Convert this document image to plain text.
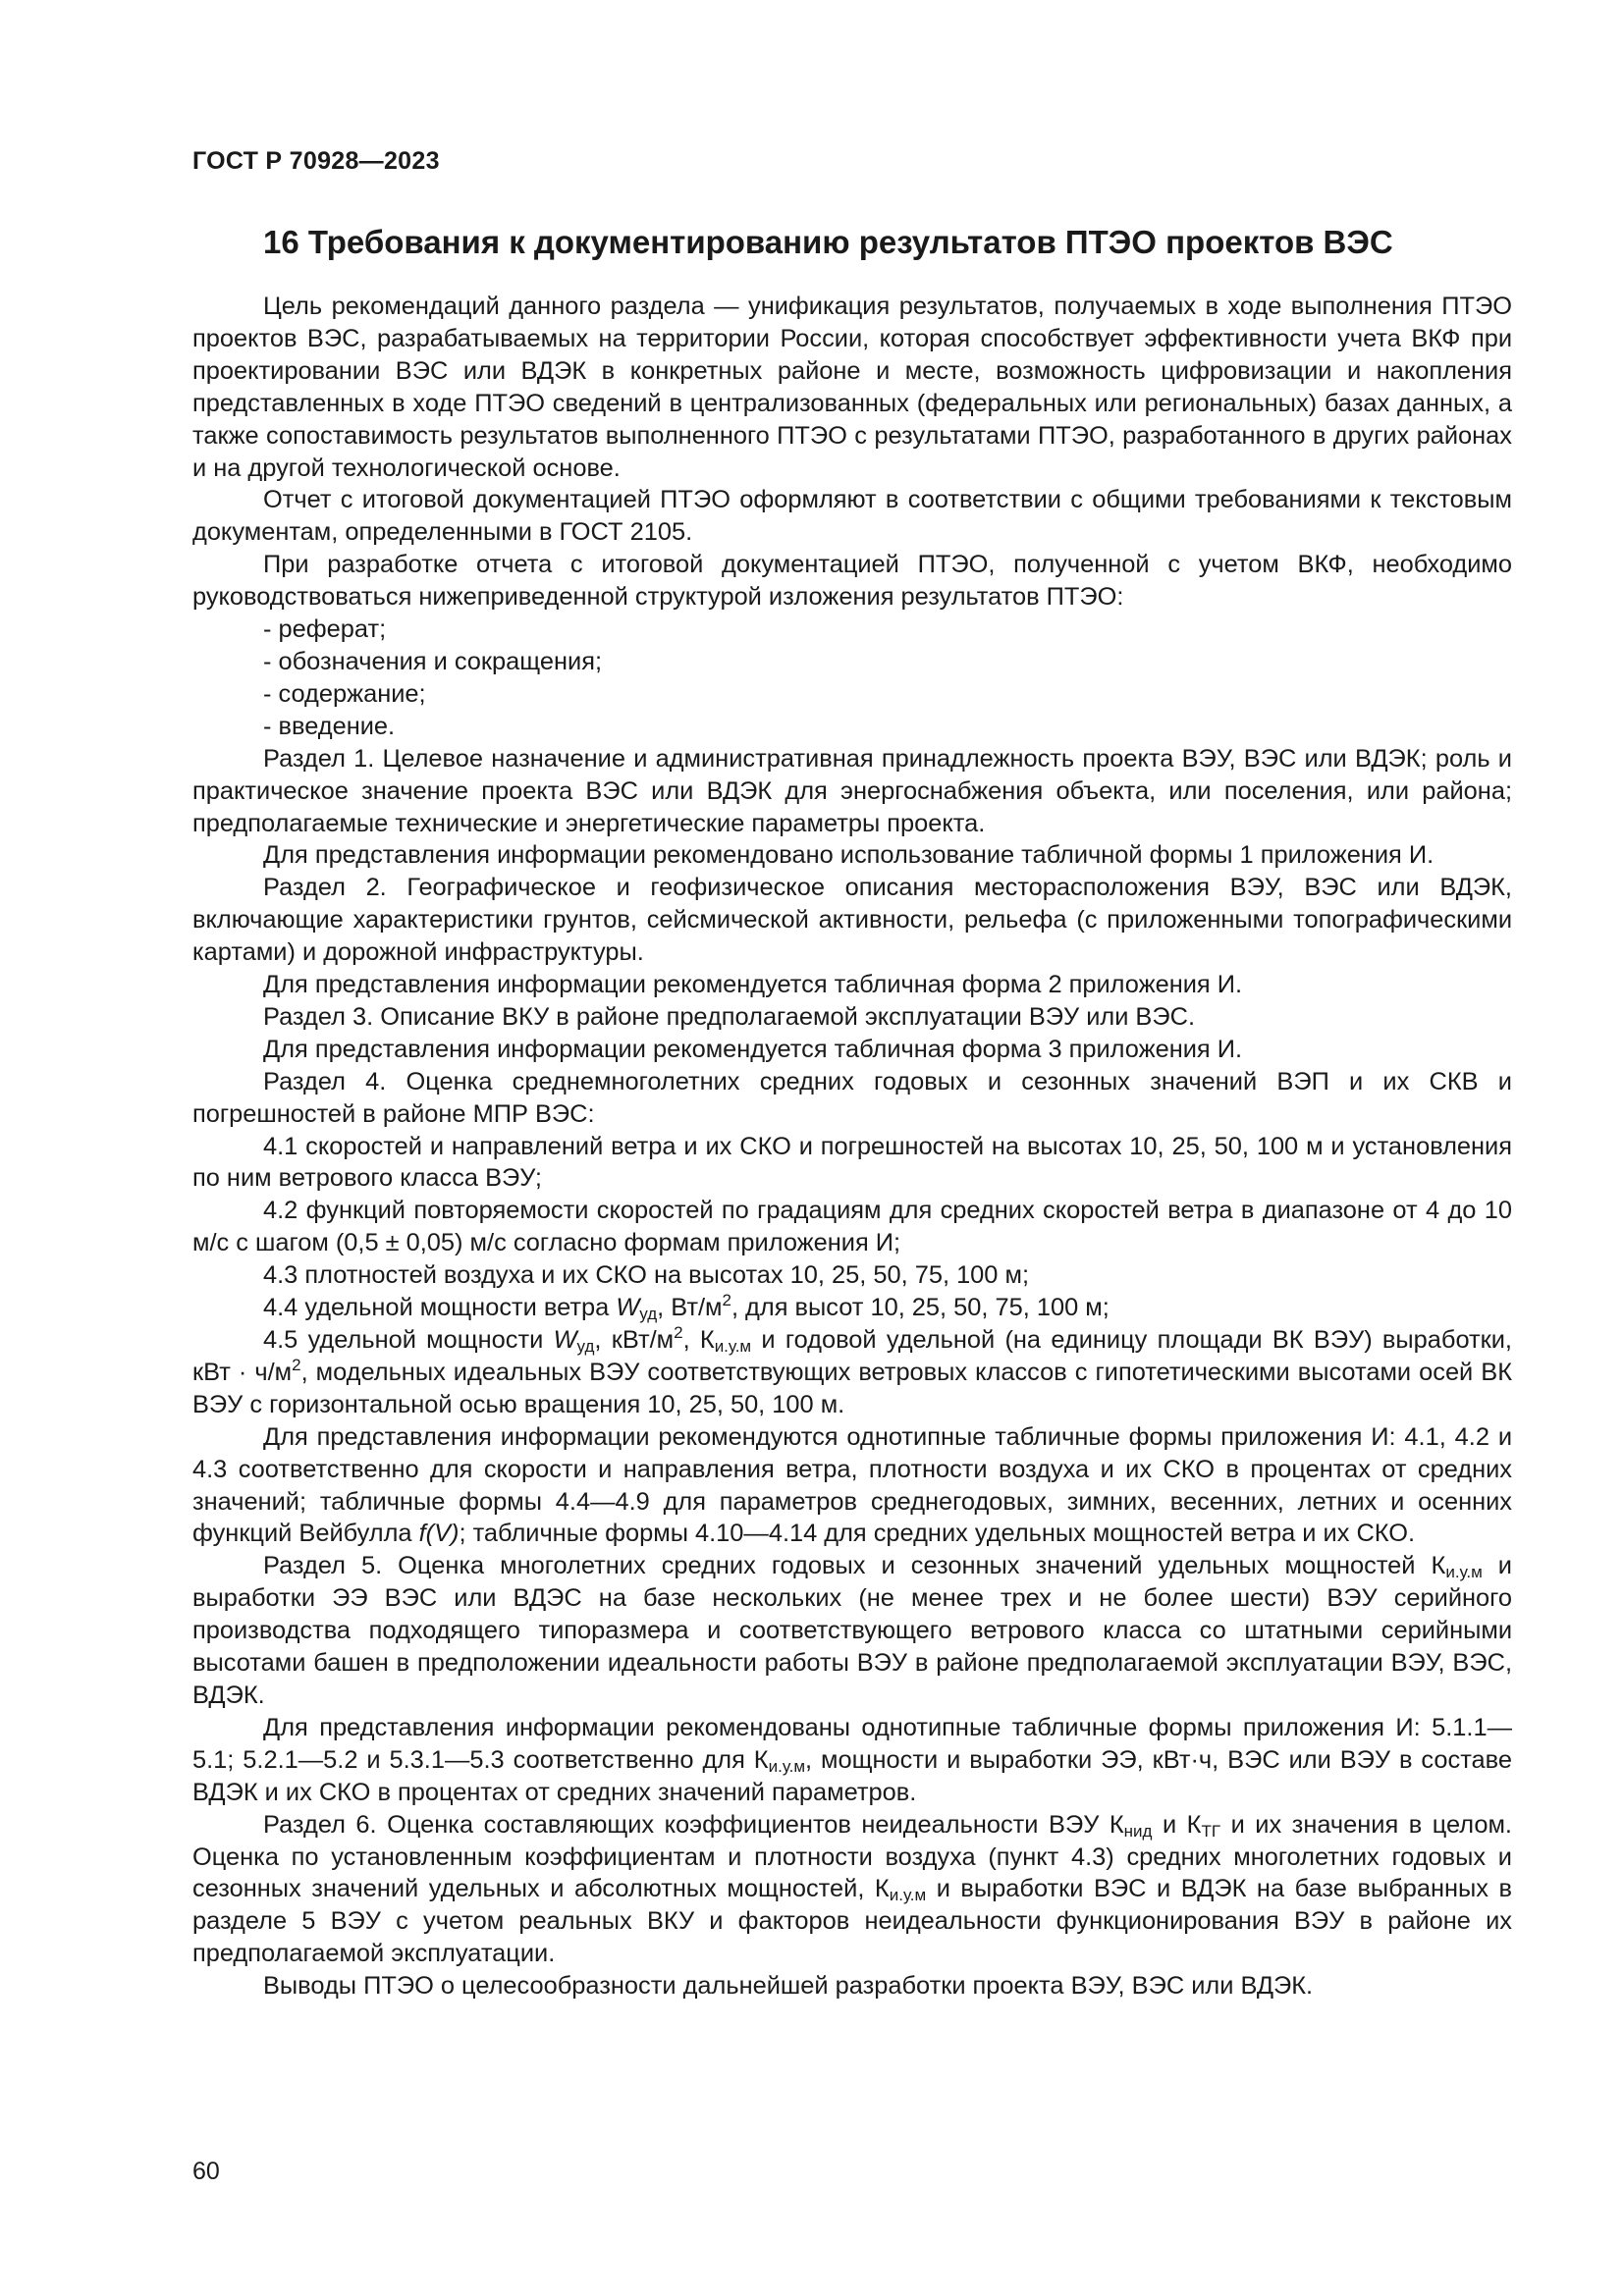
ГОСТ Р 70928—2023
16 Требования к документированию результатов ПТЭО проектов ВЭС

Цель рекомендаций данного раздела — унификация результатов, получаемых в ходе выполнения ПТЭО проектов ВЭС, разрабатываемых на территории России, которая способствует эффективности учета ВКФ при проектировании ВЭС или ВДЭК в конкретных районе и месте, возможность цифровизации и накопления представленных в ходе ПТЭО сведений в централизованных (федеральных или региональных) базах данных, а также сопоставимость результатов выполненного ПТЭО с результатами ПТЭО, разработанного в других районах и на другой технологической основе.

Отчет с итоговой документацией ПТЭО оформляют в соответствии с общими требованиями к текстовым документам, определенными в ГОСТ 2105.

При разработке отчета с итоговой документацией ПТЭО, полученной с учетом ВКФ, необходимо руководствоваться нижеприведенной структурой изложения результатов ПТЭО:

- реферат;

- обозначения и сокращения;

- содержание;

- введение.

Раздел 1. Целевое назначение и административная принадлежность проекта ВЭУ, ВЭС или ВДЭК; роль и практическое значение проекта ВЭС или ВДЭК для энергоснабжения объекта, или поселения, или района; предполагаемые технические и энергетические параметры проекта.

Для представления информации рекомендовано использование табличной формы 1 приложения И.

Раздел 2. Географическое и геофизическое описания месторасположения ВЭУ, ВЭС или ВДЭК, включающие характеристики грунтов, сейсмической активности, рельефа (с приложенными топографическими картами) и дорожной инфраструктуры.

Для представления информации рекомендуется табличная форма 2 приложения И.

Раздел 3. Описание ВКУ в районе предполагаемой эксплуатации ВЭУ или ВЭС.

Для представления информации рекомендуется табличная форма 3 приложения И.

Раздел 4. Оценка среднемноголетних средних годовых и сезонных значений ВЭП и их СКВ и погрешностей в районе МПР ВЭС:

4.1 скоростей и направлений ветра и их СКО и погрешностей на высотах 10, 25, 50, 100 м и установления по ним ветрового класса ВЭУ;

4.2 функций повторяемости скоростей по градациям для средних скоростей ветра в диапазоне от 4 до 10 м/с с шагом (0,5 ± 0,05) м/с согласно формам приложения И;

4.3 плотностей воздуха и их СКО на высотах 10, 25, 50, 75, 100 м;

4.4 удельной мощности ветра $W_{уд}$, $Вт/м^2$, для высот 10, 25, 50, 75, 100 м;

4.5 удельной мощности $W_{уд}$, кВт/$м^2$, $К_{и.у.м}$ и годовой удельной (на единицу площади ВК ВЭУ) выработки, кВт · $ч/м^2$, модельных идеальных ВЭУ соответствующих ветровых классов с гипотетическими высотами осей ВК ВЭУ с горизонтальной осью вращения 10, 25, 50, 100 м.

Для представления информации рекомендуются однотипные табличные формы приложения И: 4.1, 4.2 и 4.3 соответственно для скорости и направления ветра, плотности воздуха и их СКО в процентах от средних значений; табличные формы 4.4—4.9 для параметров среднегодовых, зимних, весенних, летних и осенних функций Вейбулла f(V); табличные формы 4.10—4.14 для средних удельных мощностей ветра и их СКО.

Раздел 5. Оценка многолетних средних годовых и сезонных значений удельных мощностей $К_{и.у.м}$ и выработки ЭЭ ВЭС или ВДЭС на базе нескольких (не менее трех и не более шести) ВЭУ серийного производства подходящего типоразмера и соответствующего ветрового класса со штатными серийными высотами башен в предположении идеальности работы ВЭУ в районе предполагаемой эксплуатации ВЭУ, ВЭС, ВДЭК.

Для представления информации рекомендованы однотипные табличные формы приложения И: 5.1.1—5.1; 5.2.1—5.2 и 5.3.1—5.3 соответственно для $К_{и.у.м}$, мощности и выработки ЭЭ, кВт·ч, ВЭС или ВЭУ в составе ВДЭК и их СКО в процентах от средних значений параметров.

Раздел 6. Оценка составляющих коэффициентов неидеальности ВЭУ $К_{нид}$ и $К_{ТГ}$ и их значения в целом. Оценка по установленным коэффициентам и плотности воздуха (пункт 4.3) средних многолетних годовых и сезонных значений удельных и абсолютных мощностей, $К_{и.у.м}$ и выработки ВЭС и ВДЭК на базе выбранных в разделе 5 ВЭУ с учетом реальных ВКУ и факторов неидеальности функционирования ВЭУ в районе их предполагаемой эксплуатации.

Выводы ПТЭО о целесообразности дальнейшей разработки проекта ВЭУ, ВЭС или ВДЭК.

60
